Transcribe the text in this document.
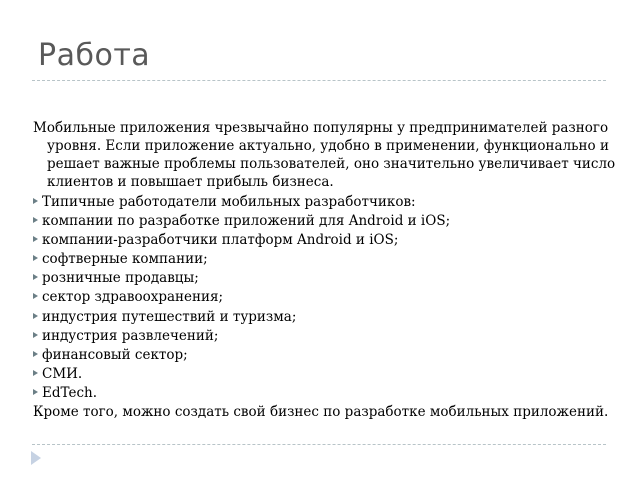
Работа

Мобильные приложения чрезвычайно популярны у предпринимателей разного уровня. Если приложение актуально, удобно в применении, функционально и решает важные проблемы пользователей, оно значительно увеличивает число клиентов и повышает прибыль бизнеса.

Типичные работодатели мобильных разработчиков:
компании по разработке приложений для Android и iOS;
компании-разработчики платформ Android и iOS;
софтверные компании;
розничные продавцы;
сектор здравоохранения;
индустрия путешествий и туризма;
индустрия развлечений;
финансовый сектор;
СМИ.
EdTech.

Кроме того, можно создать свой бизнес по разработке мобильных приложений.
